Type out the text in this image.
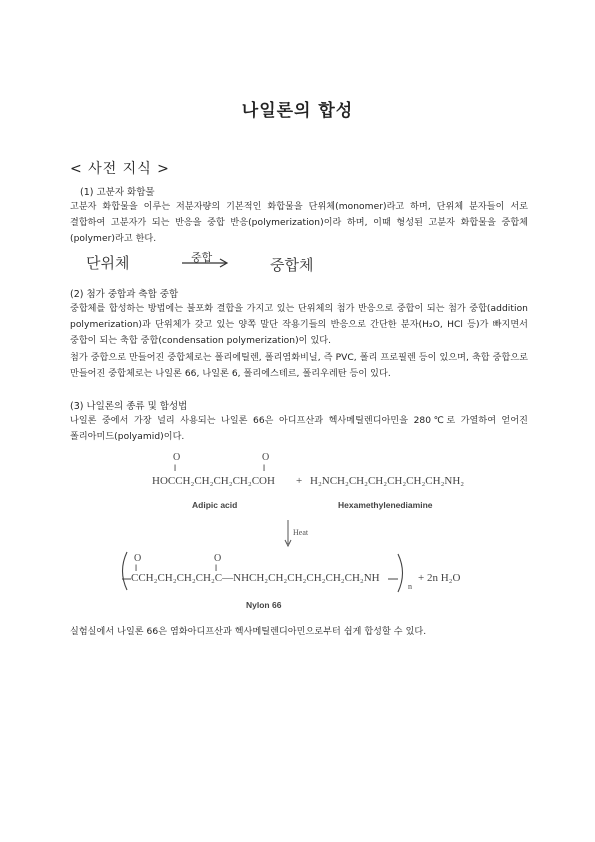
나일론의 합성
< 사전 지식 >
(1) 고분자 화합물
고분자 화합물을 이루는 저분자량의 기본적인 화합물을 단위체(monomer)라고 하며, 단위체 분자들이 서로 결합하여 고분자가 되는 반응을 중합 반응(polymerization)이라 하며, 이때 형성된 고분자 화합물을 중합체(polymer)라고 한다.
단위체	중합	중합체
(2) 첨가 중합과 축합 중합
중합체를 합성하는 방법에는 불포화 결합을 가지고 있는 단위체의 첨가 반응으로 중합이 되는 첨가 중합(addition polymerization)과 단위체가 갖고 있는 양쪽 말단 작용기들의 반응으로 간단한 분자(H₂O, HCl 등)가 빠지면서 중합이 되는 축합 중합(condensation polymerization)이 있다.
첨가 중합으로 만들어진 중합체로는 폴리에틸렌, 폴리염화비닐, 즉 PVC, 폴리 프로필렌 등이 있으며, 축합 중합으로 만들어진 중합체로는 나일론 66, 나일론 6, 폴리에스테르, 폴리우레탄 등이 있다.
(3) 나일론의 종류 및 합성법
나일론 중에서 가장 널리 사용되는 나일론 66은 아디프산과 헥사메틸렌디아민을 280℃로 가열하여 얻어진 폴리아미드(polyamid)이다.
O
‖
O
‖
HOCCH₂CH₂CH₂CH₂COH + H₂NCH₂CH₂CH₂CH₂CH₂CH₂NH₂
Adipic acid	Hexamethylenediamine
Heat
O
‖
O
‖
CCH₂CH₂CH₂CH₂C—NHCH₂CH₂CH₂CH₂CH₂CH₂NH
n
+ 2n H₂O
Nylon 66
실험실에서 나일론 66은 염화아디프산과 헥사메틸렌디아민으로부터 쉽게 합성할 수 있다.
